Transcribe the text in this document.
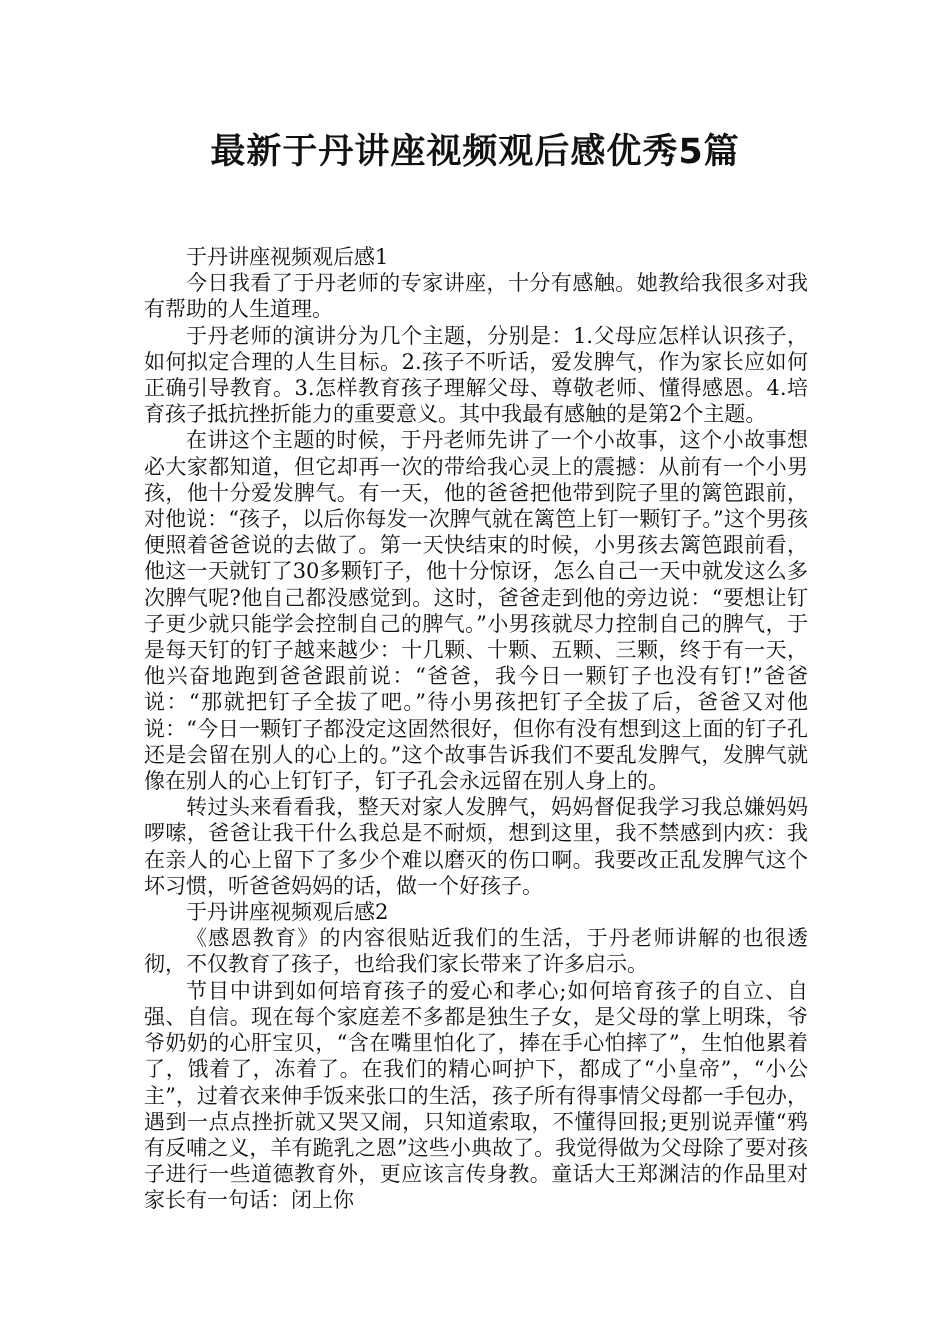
最新于丹讲座视频观后感优秀5篇

于丹讲座视频观后感1

今日我看了于丹老师的专家讲座，十分有感触。她教给我很多对我有帮助的人生道理。

于丹老师的演讲分为几个主题，分别是：1.父母应怎样认识孩子，如何拟定合理的人生目标。2.孩子不听话，爱发脾气，作为家长应如何正确引导教育。3.怎样教育孩子理解父母、尊敬老师、懂得感恩。4.培育孩子抵抗挫折能力的重要意义。其中我最有感触的是第2个主题。

在讲这个主题的时候，于丹老师先讲了一个小故事，这个小故事想必大家都知道，但它却再一次的带给我心灵上的震撼：从前有一个小男孩，他十分爱发脾气。有一天，他的爸爸把他带到院子里的篱笆跟前，对他说：“孩子，以后你每发一次脾气就在篱笆上钉一颗钉子。”这个男孩便照着爸爸说的去做了。第一天快结束的时候，小男孩去篱笆跟前看，他这一天就钉了30多颗钉子，他十分惊讶，怎么自己一天中就发这么多次脾气呢?他自己都没感觉到。这时，爸爸走到他的旁边说：“要想让钉子更少就只能学会控制自己的脾气。”小男孩就尽力控制自己的脾气，于是每天钉的钉子越来越少：十几颗、十颗、五颗、三颗，终于有一天，他兴奋地跑到爸爸跟前说：“爸爸，我今日一颗钉子也没有钉!”爸爸说：“那就把钉子全拔了吧。”待小男孩把钉子全拔了后，爸爸又对他说：“今日一颗钉子都没定这固然很好，但你有没有想到这上面的钉子孔还是会留在别人的心上的。”这个故事告诉我们不要乱发脾气，发脾气就像在别人的心上钉钉子，钉子孔会永远留在别人身上的。

转过头来看看我，整天对家人发脾气，妈妈督促我学习我总嫌妈妈啰嗦，爸爸让我干什么我总是不耐烦，想到这里，我不禁感到内疚：我在亲人的心上留下了多少个难以磨灭的伤口啊。我要改正乱发脾气这个坏习惯，听爸爸妈妈的话，做一个好孩子。

于丹讲座视频观后感2

《感恩教育》的内容很贴近我们的生活，于丹老师讲解的也很透彻，不仅教育了孩子，也给我们家长带来了许多启示。

节目中讲到如何培育孩子的爱心和孝心;如何培育孩子的自立、自强、自信。现在每个家庭差不多都是独生子女，是父母的掌上明珠，爷爷奶奶的心肝宝贝，“含在嘴里怕化了，捧在手心怕摔了”，生怕他累着了，饿着了，冻着了。在我们的精心呵护下，都成了“小皇帝”，“小公主”，过着衣来伸手饭来张口的生活，孩子所有得事情父母都一手包办，遇到一点点挫折就又哭又闹，只知道索取，不懂得回报;更别说弄懂“鸦有反哺之义，羊有跪乳之恩”这些小典故了。我觉得做为父母除了要对孩子进行一些道德教育外，更应该言传身教。童话大王郑渊洁的作品里对家长有一句话：闭上你
